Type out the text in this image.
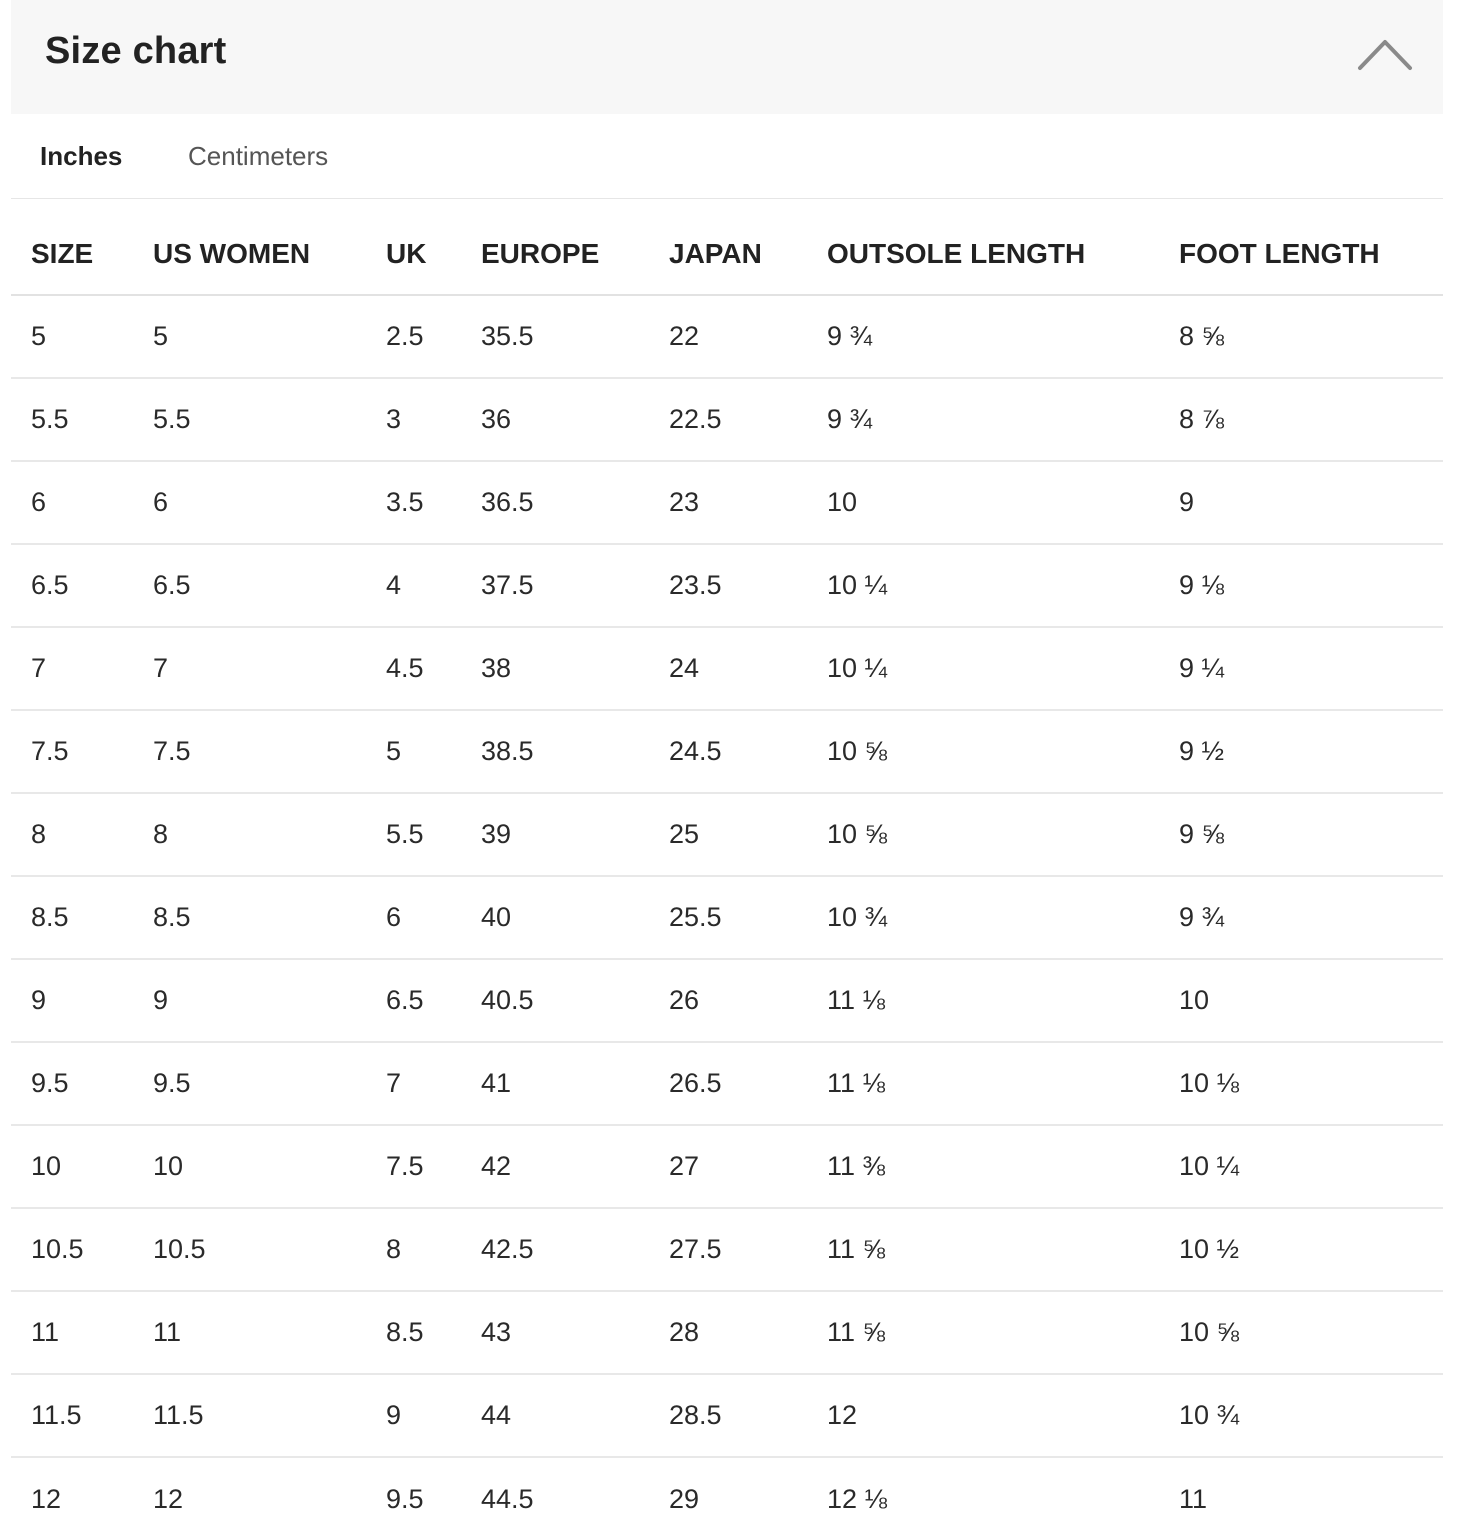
Size chart
Inches	Centimeters
SIZE	US WOMEN	UK	EUROPE	JAPAN	OUTSOLE LENGTH	FOOT LENGTH
5	5	2.5	35.5	22	9 ¾	8 ⅝
5.5	5.5	3	36	22.5	9 ¾	8 ⅞
6	6	3.5	36.5	23	10	9
6.5	6.5	4	37.5	23.5	10 ¼	9 ⅛
7	7	4.5	38	24	10 ¼	9 ¼
7.5	7.5	5	38.5	24.5	10 ⅝	9 ½
8	8	5.5	39	25	10 ⅝	9 ⅝
8.5	8.5	6	40	25.5	10 ¾	9 ¾
9	9	6.5	40.5	26	11 ⅛	10
9.5	9.5	7	41	26.5	11 ⅛	10 ⅛
10	10	7.5	42	27	11 ⅜	10 ¼
10.5	10.5	8	42.5	27.5	11 ⅝	10 ½
11	11	8.5	43	28	11 ⅝	10 ⅝
11.5	11.5	9	44	28.5	12	10 ¾
12	12	9.5	44.5	29	12 ⅛	11
